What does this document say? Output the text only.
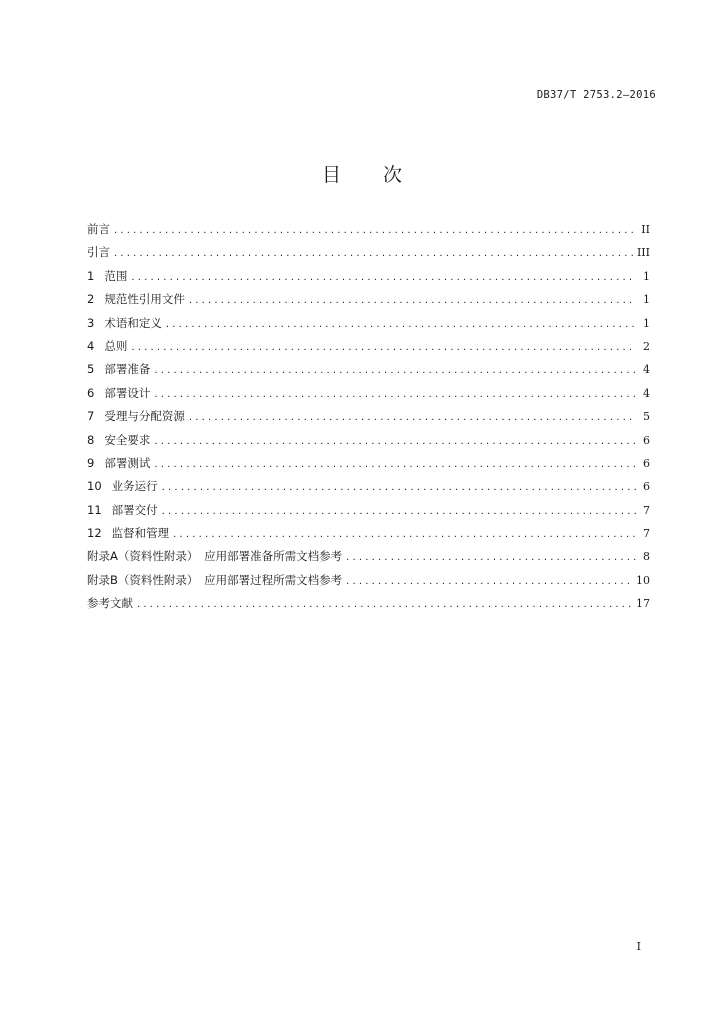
DB37/T 2753.2—2016
目 次
前言 .....	II
引言 .....	III
1 范围 .....	1
2 规范性引用文件 .....	1
3 术语和定义 .....	1
4 总则 .....	2
5 部署准备 .....	4
6 部署设计 .....	4
7 受理与分配资源 .....	5
8 安全要求 .....	6
9 部署测试 .....	6
10 业务运行 .....	6
11 部署交付 .....	7
12 监督和管理 .....	7
附录A（资料性附录）　应用部署准备所需文档参考 .....	8
附录B（资料性附录）　应用部署过程所需文档参考 .....	10
参考文献 .....	17
I
